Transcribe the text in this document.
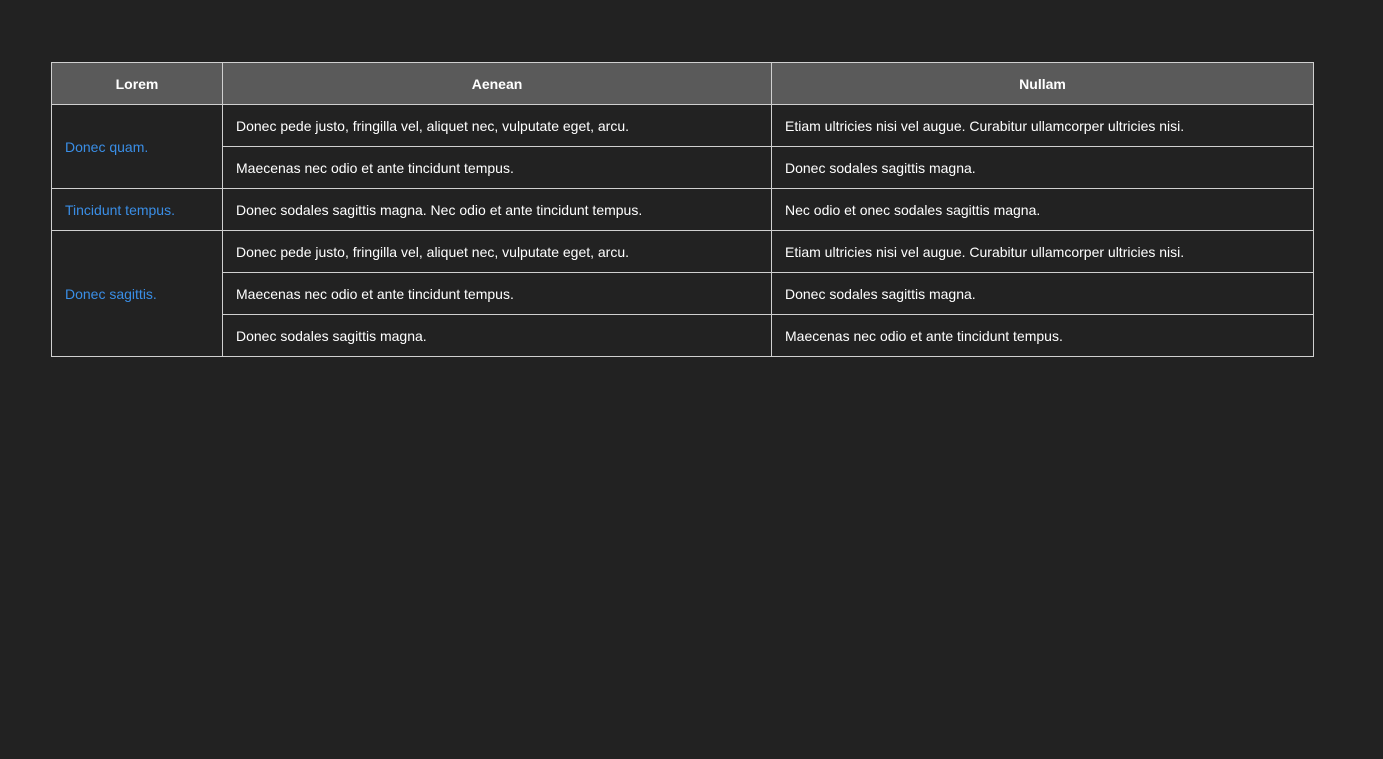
Lorem	Aenean	Nullam
Donec quam.	Donec pede justo, fringilla vel, aliquet nec, vulputate eget, arcu.	Etiam ultricies nisi vel augue. Curabitur ullamcorper ultricies nisi.
	Maecenas nec odio et ante tincidunt tempus.	Donec sodales sagittis magna.
Tincidunt tempus.	Donec sodales sagittis magna. Nec odio et ante tincidunt tempus.	Nec odio et onec sodales sagittis magna.
Donec sagittis.	Donec pede justo, fringilla vel, aliquet nec, vulputate eget, arcu.	Etiam ultricies nisi vel augue. Curabitur ullamcorper ultricies nisi.
	Maecenas nec odio et ante tincidunt tempus.	Donec sodales sagittis magna.
	Donec sodales sagittis magna.	Maecenas nec odio et ante tincidunt tempus.
